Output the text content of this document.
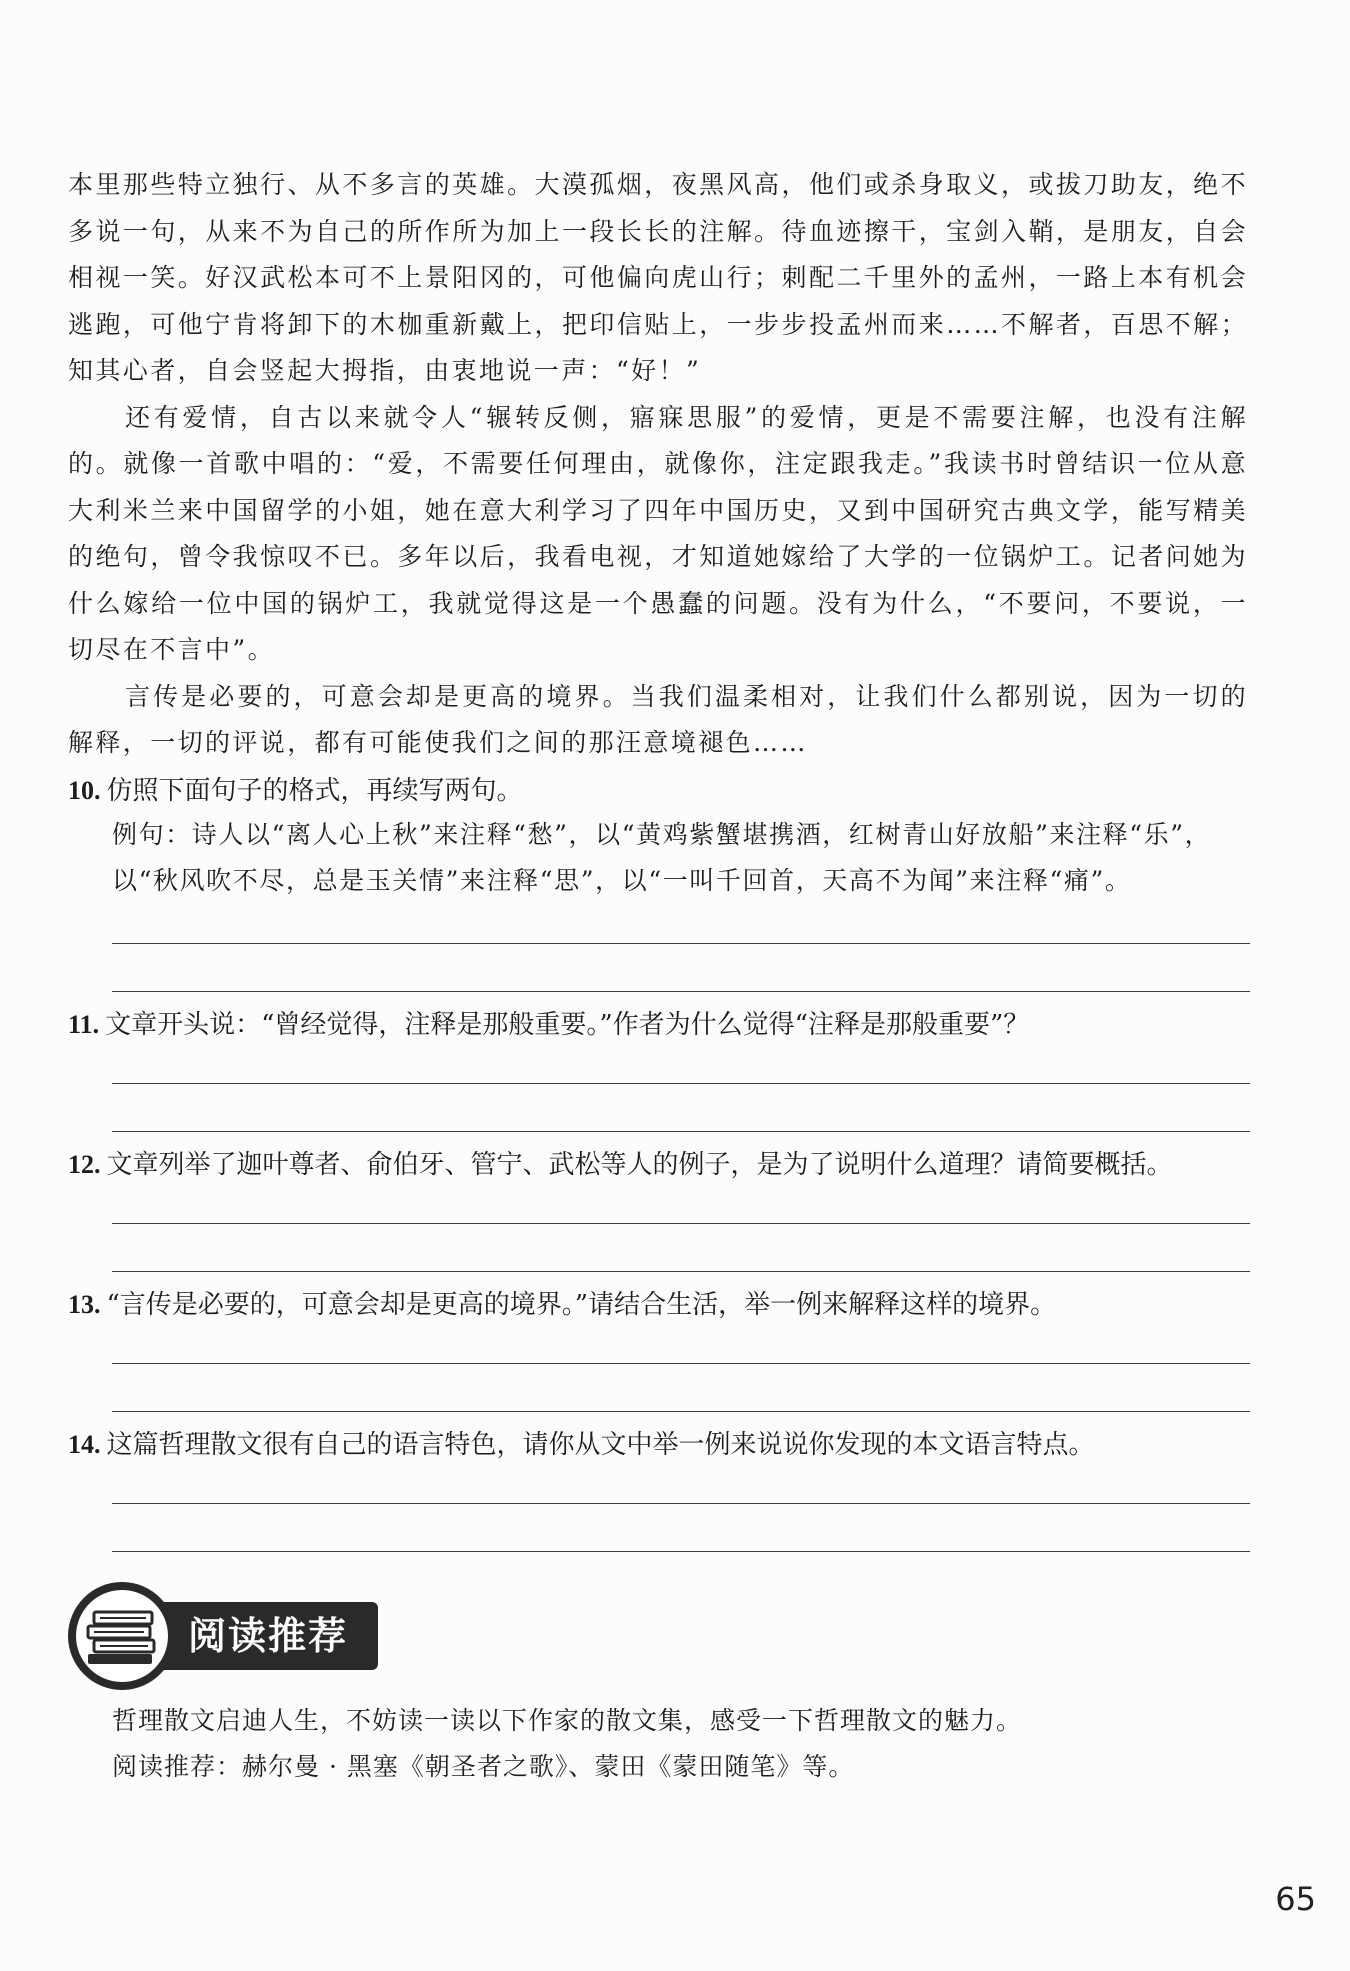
本里那些特立独行、从不多言的英雄。大漠孤烟，夜黑风高，他们或杀身取义，或拔刀助友，绝不多说一句，从来不为自己的所作所为加上一段长长的注解。待血迹擦干，宝剑入鞘，是朋友，自会相视一笑。好汉武松本可不上景阳冈的，可他偏向虎山行；刺配二千里外的孟州，一路上本有机会逃跑，可他宁肯将卸下的木枷重新戴上，把印信贴上，一步步投孟州而来……不解者，百思不解；知其心者，自会竖起大拇指，由衷地说一声：“好！”

还有爱情，自古以来就令人“辗转反侧，寤寐思服”的爱情，更是不需要注解，也没有注解的。就像一首歌中唱的：“爱，不需要任何理由，就像你，注定跟我走。”我读书时曾结识一位从意大利米兰来中国留学的小姐，她在意大利学习了四年中国历史，又到中国研究古典文学，能写精美的绝句，曾令我惊叹不已。多年以后，我看电视，才知道她嫁给了大学的一位锅炉工。记者问她为什么嫁给一位中国的锅炉工，我就觉得这是一个愚蠢的问题。没有为什么，“不要问，不要说，一切尽在不言中”。

言传是必要的，可意会却是更高的境界。当我们温柔相对，让我们什么都别说，因为一切的解释，一切的评说，都有可能使我们之间的那汪意境褪色……

10. 仿照下面句子的格式，再续写两句。
例句：诗人以“离人心上秋”来注释“愁”，以“黄鸡紫蟹堪携酒，红树青山好放船”来注释“乐”，以“秋风吹不尽，总是玉关情”来注释“思”，以“一叫千回首，天高不为闻”来注释“痛”。
11. 文章开头说：“曾经觉得，注释是那般重要。”作者为什么觉得“注释是那般重要”？
12. 文章列举了迦叶尊者、俞伯牙、管宁、武松等人的例子，是为了说明什么道理？请简要概括。
13. “言传是必要的，可意会却是更高的境界。”请结合生活，举一例来解释这样的境界。
14. 这篇哲理散文很有自己的语言特色，请你从文中举一例来说说你发现的本文语言特点。
阅读推荐
哲理散文启迪人生，不妨读一读以下作家的散文集，感受一下哲理散文的魅力。
阅读推荐：赫尔曼 · 黑塞《朝圣者之歌》、蒙田《蒙田随笔》等。
65
